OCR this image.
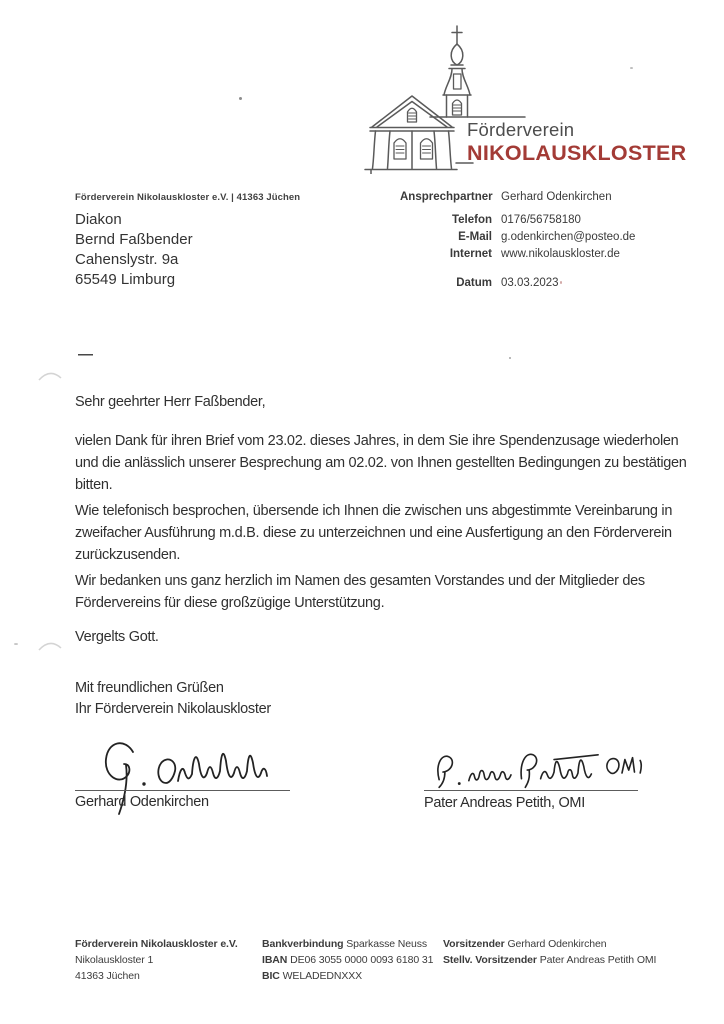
Förderverein
NIKOLAUSKLOSTER
Förderverein Nikolauskloster e.V. | 41363 Jüchen
Diakon
Bernd Faßbender
Cahenslystr. 9a
65549 Limburg
Ansprechpartner Gerhard Odenkirchen
Telefon 0176/56758180
E-Mail g.odenkirchen@posteo.de
Internet www.nikolauskloster.de
Datum 03.03.2023
—
Sehr geehrter Herr Faßbender,
vielen Dank für ihren Brief vom 23.02. dieses Jahres, in dem Sie ihre Spendenzusage wiederholen
und die anlässlich unserer Besprechung am 02.02. von Ihnen gestellten Bedingungen zu bestätigen
bitten.
Wie telefonisch besprochen, übersende ich Ihnen die zwischen uns abgestimmte Vereinbarung in
zweifacher Ausführung m.d.B. diese zu unterzeichnen und eine Ausfertigung an den Förderverein
zurückzusenden.
Wir bedanken uns ganz herzlich im Namen des gesamten Vorstandes und der Mitglieder des
Fördervereins für diese großzügige Unterstützung.
Vergelts Gott.
Mit freundlichen Grüßen
Ihr Förderverein Nikolauskloster
Gerhard Odenkirchen	Pater Andreas Petith, OMI
Förderverein Nikolauskloster e.V.
Nikolauskloster 1
41363 Jüchen
Bankverbindung Sparkasse Neuss
IBAN DE06 3055 0000 0093 6180 31
BIC WELADEDNXXX
Vorsitzender Gerhard Odenkirchen
Stellv. Vorsitzender Pater Andreas Petith OMI
